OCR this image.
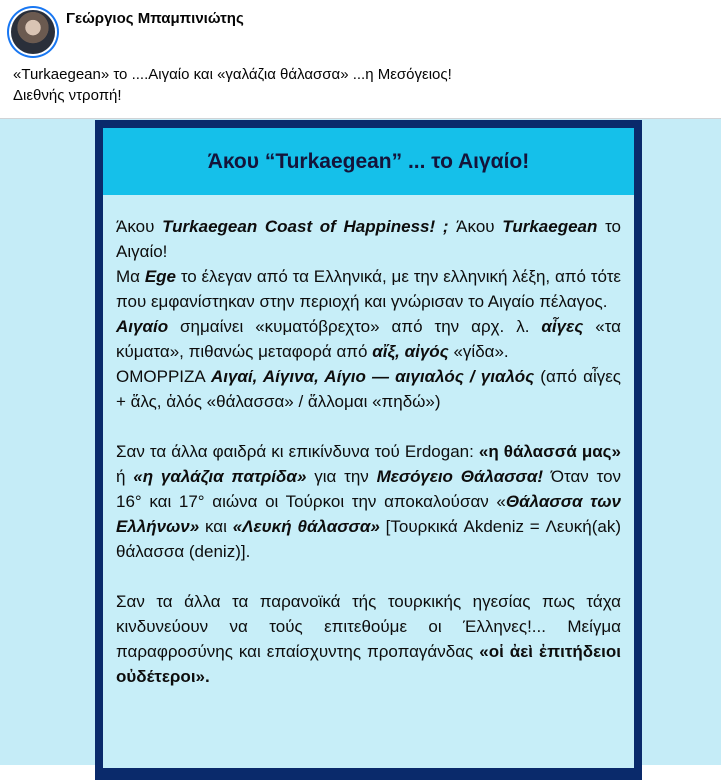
Γεώργιος Μπαμπινιώτης
«Turkaegean» το ....Αιγαίο και «γαλάζια θάλασσα» ...η Μεσόγειος!
Διεθνής ντροπή!
Άκου “Turkaegean” ... το Αιγαίο!

Άκου Turkaegean Coast of Happiness! ; Άκου Turkaegean το Αιγαίο!
Μα Ege το έλεγαν από τα Ελληνικά, με την ελληνική λέξη, από τότε που εμφανίστηκαν στην περιοχή και γνώρισαν το Αιγαίο πέλαγος.
Αιγαίο σημαίνει «κυματόβρεχτο» από την αρχ. λ. αἶγες «τα κύματα», πιθανώς μεταφορά από αἴξ, αἰγός «γίδα».
ΟΜΟΡΡΙΖΑ Αιγαί, Αίγινα, Αίγιο — αιγιαλός / γιαλός (από αἶγες + ἅλς, ἁλός «θάλασσα» / ἅλλομαι «πηδώ»)

Σαν τα άλλα φαιδρά κι επικίνδυνα τού Erdogan: «η θάλασσά μας» ή «η γαλάζια πατρίδα» για την Μεσόγειο Θάλασσα! Όταν τον 16° και 17° αιώνα οι Τούρκοι την αποκαλούσαν «Θάλασσα των Ελλήνων» και «Λευκή θάλασσα» [Τουρκικά Akdeniz = Λευκή(ak) θάλασσα (deniz)].

Σαν τα άλλα τα παρανοϊκά τής τουρκικής ηγεσίας πως τάχα κινδυνεύουν να τούς επιτεθούμε οι Έλληνες!... Μείγμα παραφροσύνης και επαίσχυντης προπαγάνδας «οἱ ἀεὶ ἐπιτήδειοι οὐδέτεροι».
